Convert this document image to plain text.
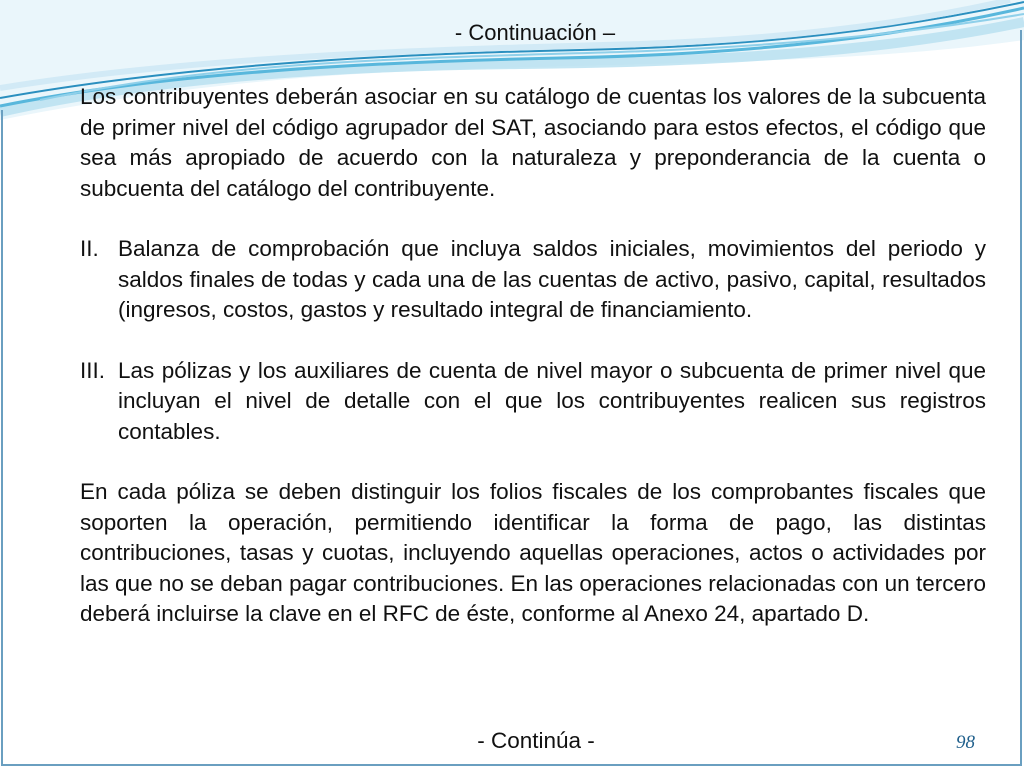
- Continuación –

Los contribuyentes deberán asociar en su catálogo de cuentas los valores de la subcuenta de primer nivel del código agrupador del SAT, asociando para estos efectos, el código que sea más apropiado de acuerdo con la naturaleza y preponderancia de la cuenta o subcuenta del catálogo del contribuyente.

II. Balanza de comprobación que incluya saldos iniciales, movimientos del periodo y saldos finales de todas y cada una de las cuentas de activo, pasivo, capital, resultados (ingresos, costos, gastos y resultado integral de financiamiento.
III. Las pólizas y los auxiliares de cuenta de nivel mayor o subcuenta de primer nivel que incluyan el nivel de detalle con el que los contribuyentes realicen sus registros contables.

En cada póliza se deben distinguir los folios fiscales de los comprobantes fiscales que soporten la operación, permitiendo identificar la forma de pago, las distintas contribuciones, tasas y cuotas, incluyendo aquellas operaciones, actos o actividades por las que no se deban pagar contribuciones. En las operaciones relacionadas con un tercero deberá incluirse la clave en el RFC de éste, conforme al Anexo 24, apartado D.

- Continúa -	98
